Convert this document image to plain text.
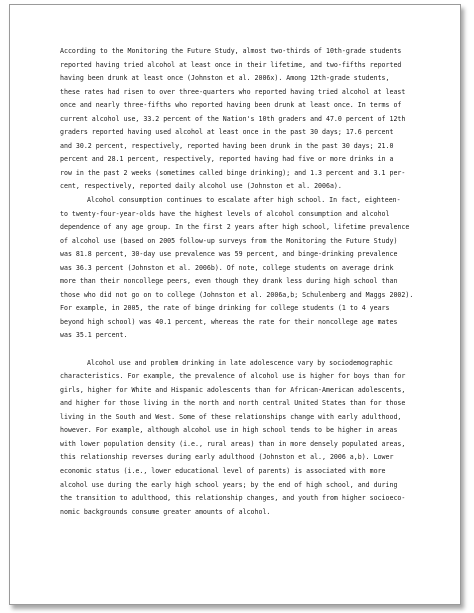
According to the Monitoring the Future Study, almost two-thirds of 10th-grade students
reported having tried alcohol at least once in their lifetime, and two-fifths reported
having been drunk at least once (Johnston et al. 2006x). Among 12th-grade students,
these rates had risen to over three-quarters who reported having tried alcohol at least
once and nearly three-fifths who reported having been drunk at least once. In terms of
current alcohol use, 33.2 percent of the Nation's 10th graders and 47.0 percent of 12th
graders reported having used alcohol at least once in the past 30 days; 17.6 percent
and 30.2 percent, respectively, reported having been drunk in the past 30 days; 21.0
percent and 28.1 percent, respectively, reported having had five or more drinks in a
row in the past 2 weeks (sometimes called binge drinking); and 1.3 percent and 3.1 per-
cent, respectively, reported daily alcohol use (Johnston et al. 2006a).
Alcohol consumption continues to escalate after high school. In fact, eighteen-
to twenty-four-year-olds have the highest levels of alcohol consumption and alcohol
dependence of any age group. In the first 2 years after high school, lifetime prevalence
of alcohol use (based on 2005 follow-up surveys from the Monitoring the Future Study)
was 81.8 percent, 30-day use prevalence was 59 percent, and binge-drinking prevalence
was 36.3 percent (Johnston et al. 2006b). Of note, college students on average drink
more than their noncollege peers, even though they drank less during high school than
those who did not go on to college (Johnston et al. 2006a,b; Schulenberg and Maggs 2002).
For example, in 2005, the rate of binge drinking for college students (1 to 4 years
beyond high school) was 40.1 percent, whereas the rate for their noncollege age mates
was 35.1 percent.
Alcohol use and problem drinking in late adolescence vary by sociodemographic
characteristics. For example, the prevalence of alcohol use is higher for boys than for
girls, higher for White and Hispanic adolescents than for African-American adolescents,
and higher for those living in the north and north central United States than for those
living in the South and West. Some of these relationships change with early adulthood,
however. For example, although alcohol use in high school tends to be higher in areas
with lower population density (i.e., rural areas) than in more densely populated areas,
this relationship reverses during early adulthood (Johnston et al., 2006 a,b). Lower
economic status (i.e., lower educational level of parents) is associated with more
alcohol use during the early high school years; by the end of high school, and during
the transition to adulthood, this relationship changes, and youth from higher socioeco-
nomic backgrounds consume greater amounts of alcohol.
